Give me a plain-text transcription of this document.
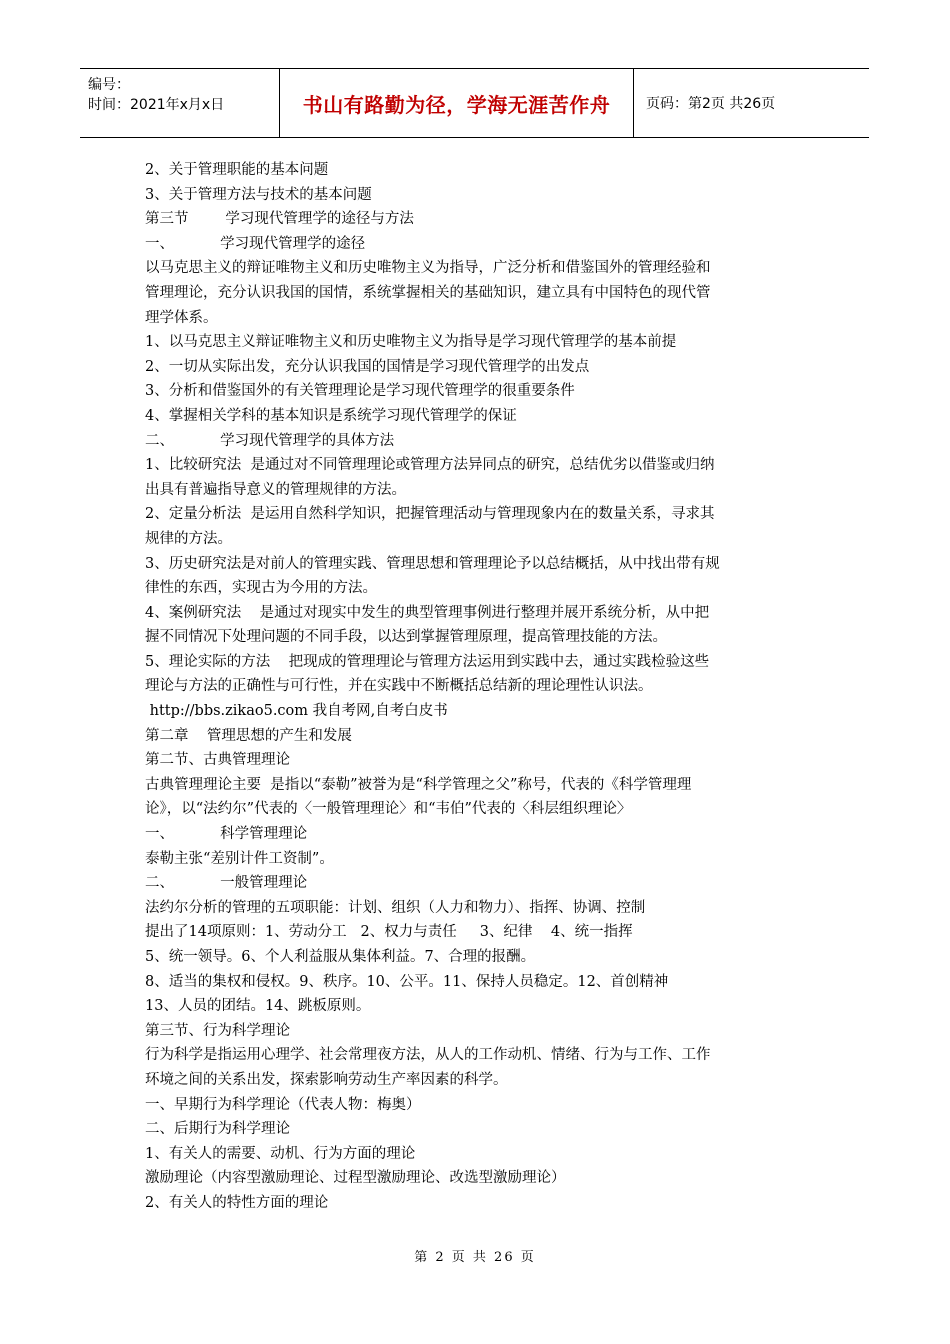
编号：
时间：2021年x月x日	书山有路勤为径，学海无涯苦作舟	页码：第2页 共26页

2、关于管理职能的基本问题

3、关于管理方法与技术的基本问题

第三节        学习现代管理学的途径与方法

一、          学习现代管理学的途径

以马克思主义的辩证唯物主义和历史唯物主义为指导，广泛分析和借鉴国外的管理经验和

管理理论，充分认识我国的国情，系统掌握相关的基础知识，建立具有中国特色的现代管

理学体系。

1、以马克思主义辩证唯物主义和历史唯物主义为指导是学习现代管理学的基本前提

2、一切从实际出发，充分认识我国的国情是学习现代管理学的出发点

3、分析和借鉴国外的有关管理理论是学习现代管理学的很重要条件

4、掌握相关学科的基本知识是系统学习现代管理学的保证

二、          学习现代管理学的具体方法

1、比较研究法  是通过对不同管理理论或管理方法异同点的研究，总结优劣以借鉴或归纳

出具有普遍指导意义的管理规律的方法。

2、定量分析法  是运用自然科学知识，把握管理活动与管理现象内在的数量关系，寻求其

规律的方法。

3、历史研究法是对前人的管理实践、管理思想和管理理论予以总结概括，从中找出带有规

律性的东西，实现古为今用的方法。

4、案例研究法    是通过对现实中发生的典型管理事例进行整理并展开系统分析，从中把

握不同情况下处理问题的不同手段，以达到掌握管理原理，提高管理技能的方法。

5、理论实际的方法    把现成的管理理论与管理方法运用到实践中去，通过实践检验这些

理论与方法的正确性与可行性，并在实践中不断概括总结新的理论理性认识法。

http://bbs.zikao5.com 我自考网,自考白皮书

第二章    管理思想的产生和发展

第二节、古典管理理论

古典管理理论主要  是指以“泰勒”被誉为是“科学管理之父”称号，代表的《科学管理理

论》，以“法约尔”代表的〈一般管理理论〉和“韦伯”代表的〈科层组织理论〉

一、          科学管理理论

泰勒主张“差别计件工资制”。

二、          一般管理理论

法约尔分析的管理的五项职能：计划、组织（人力和物力）、指挥、协调、控制

提出了14项原则：1、劳动分工   2、权力与责任     3、纪律    4、统一指挥

5、统一领导。6、个人利益服从集体利益。7、合理的报酬。

8、适当的集权和侵权。9、秩序。10、公平。11、保持人员稳定。12、首创精神

13、人员的团结。14、跳板原则。

第三节、行为科学理论

行为科学是指运用心理学、社会常理夜方法，从人的工作动机、情绪、行为与工作、工作

环境之间的关系出发，探索影响劳动生产率因素的科学。

一、早期行为科学理论（代表人物：梅奥）

二、后期行为科学理论

1、有关人的需要、动机、行为方面的理论

激励理论（内容型激励理论、过程型激励理论、改选型激励理论）

2、有关人的特性方面的理论

第 2 页 共 26 页
